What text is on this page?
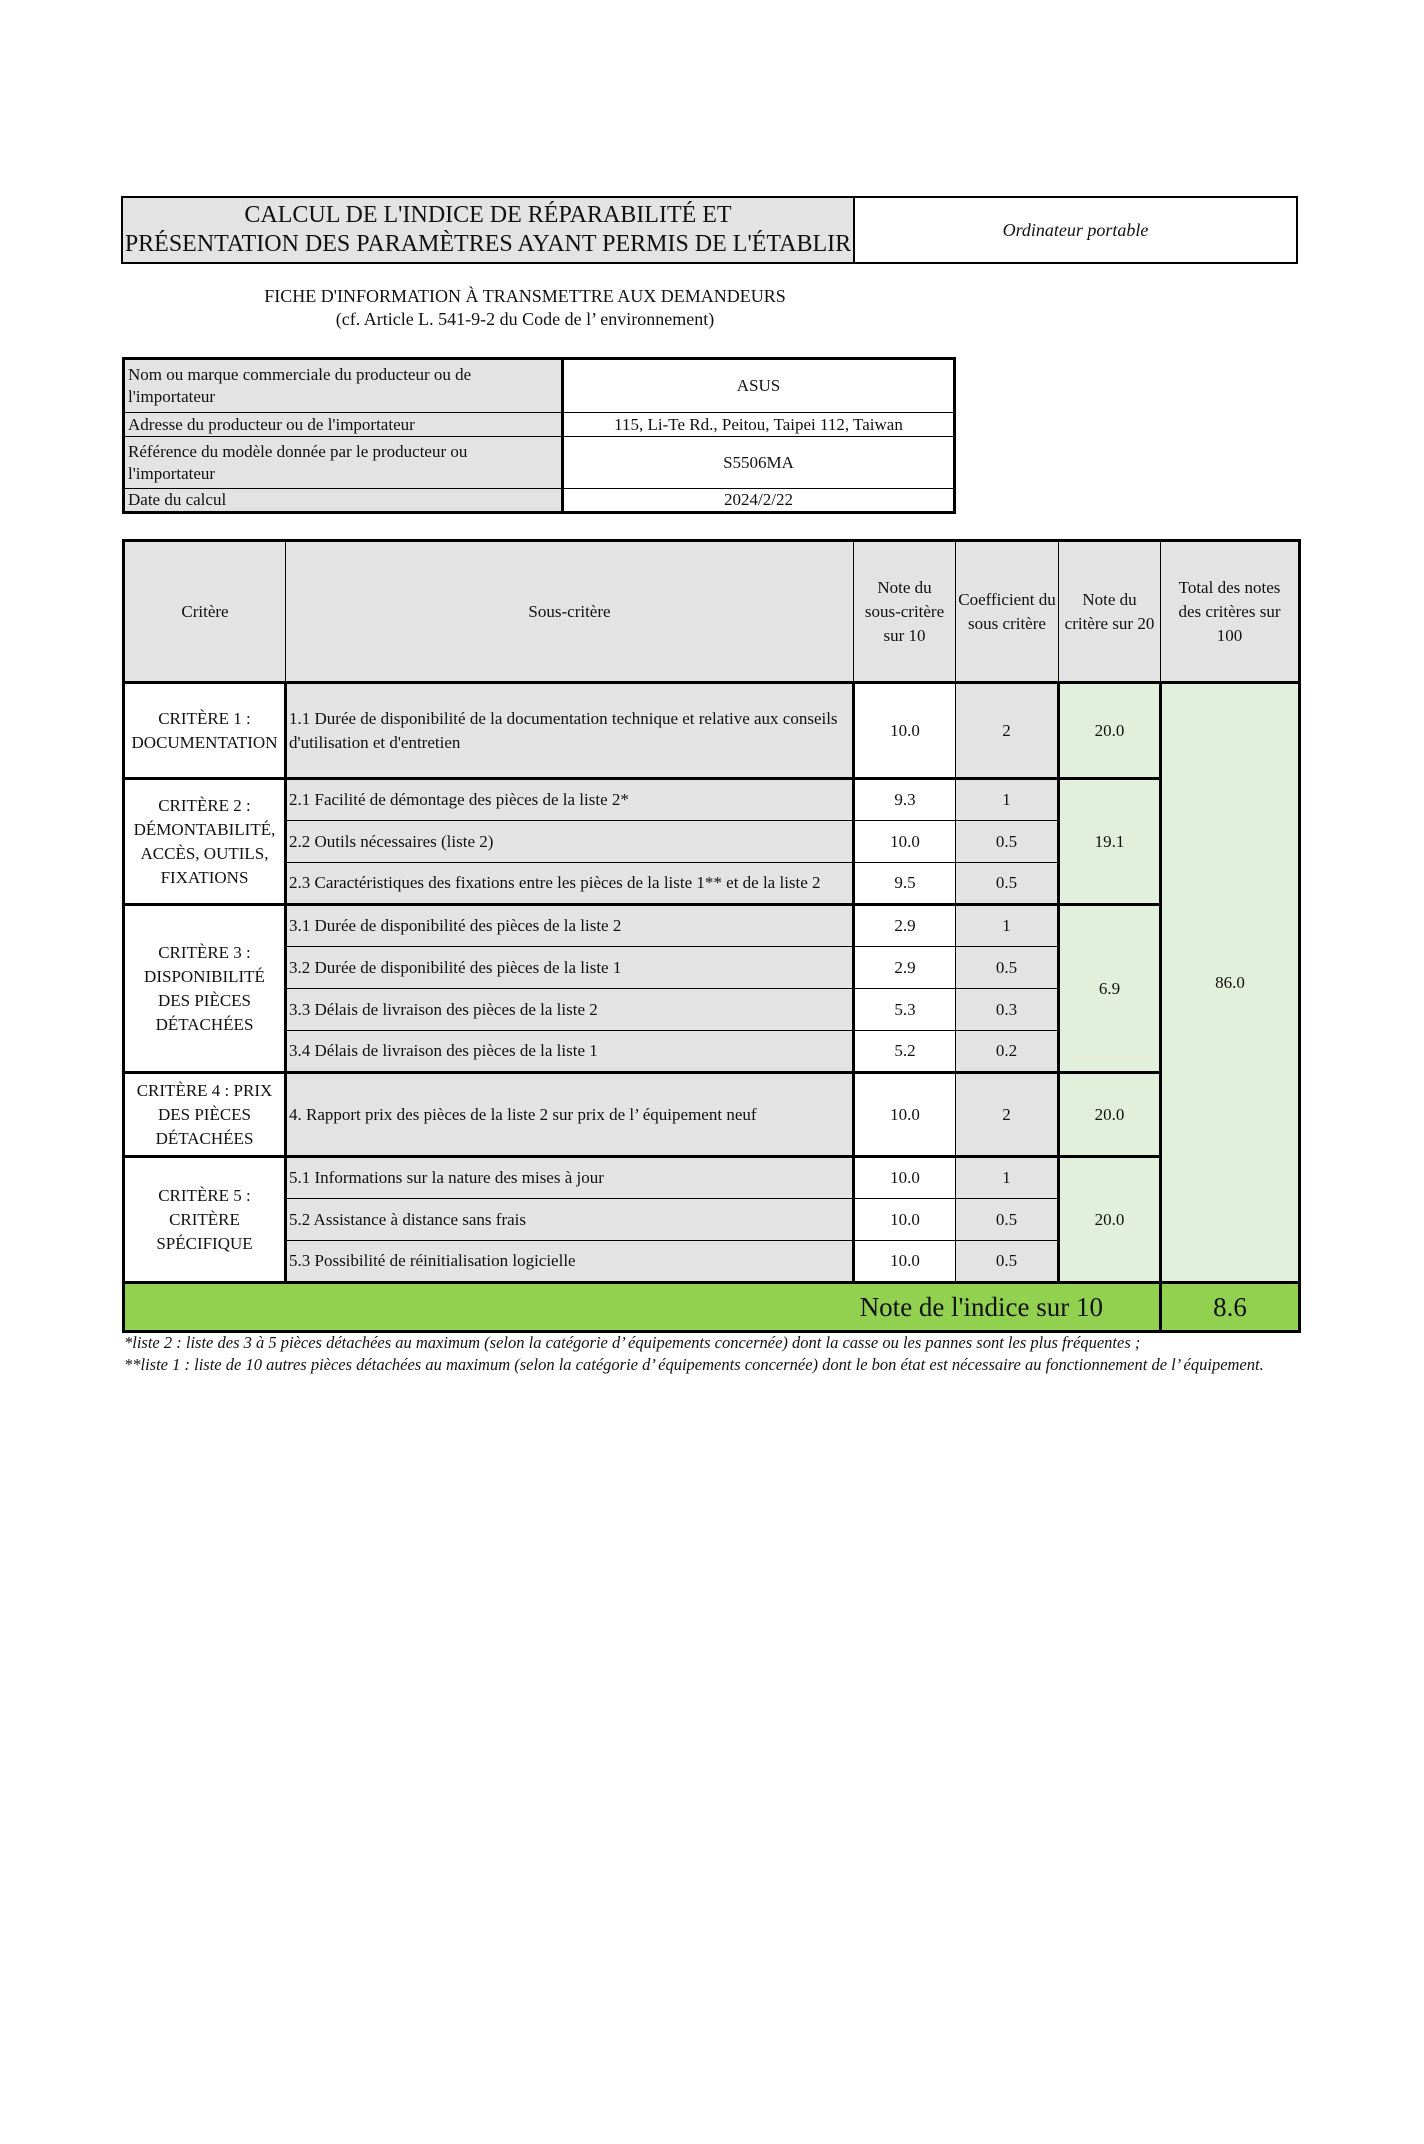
CALCUL DE L'INDICE DE RÉPARABILITÉ ET
PRÉSENTATION DES PARAMÈTRES AYANT PERMIS DE L'ÉTABLIR
Ordinateur portable
FICHE D'INFORMATION À TRANSMETTRE AUX DEMANDEURS
(cf. Article L. 541-9-2 du Code de l’ environnement)
Nom ou marque commerciale du producteur ou de l'importateur	ASUS
Adresse du producteur ou de l'importateur	115, Li-Te Rd., Peitou, Taipei 112, Taiwan
Référence du modèle donnée par le producteur ou l'importateur	S5506MA
Date du calcul	2024/2/22
Critère	Sous-critère	Note du sous-critère sur 10	Coefficient du sous critère	Note du critère sur 20	Total des notes des critères sur 100
CRITÈRE 1 : DOCUMENTATION	1.1 Durée de disponibilité de la documentation technique et relative aux conseils d'utilisation et d'entretien	10.0	2	20.0	86.0
CRITÈRE 2 : DÉMONTABILITÉ, ACCÈS, OUTILS, FIXATIONS	2.1 Facilité de démontage des pièces de la liste 2*	9.3	1	19.1	
	2.2 Outils nécessaires (liste 2)	10.0	0.5		
	2.3 Caractéristiques des fixations entre les pièces de la liste 1** et de la liste 2	9.5	0.5		
CRITÈRE 3 : DISPONIBILITÉ DES PIÈCES DÉTACHÉES	3.1 Durée de disponibilité des pièces de la liste 2	2.9	1	6.9	
	3.2 Durée de disponibilité des pièces de la liste 1	2.9	0.5		
	3.3 Délais de livraison des pièces de la liste 2	5.3	0.3		
	3.4 Délais de livraison des pièces de la liste 1	5.2	0.2		
CRITÈRE 4 : PRIX DES PIÈCES DÉTACHÉES	4. Rapport prix des pièces de la liste 2 sur prix de l’ équipement neuf	10.0	2	20.0	
CRITÈRE 5 : CRITÈRE SPÉCIFIQUE	5.1 Informations sur la nature des mises à jour	10.0	1	20.0	
	5.2 Assistance à distance sans frais	10.0	0.5		
	5.3 Possibilité de réinitialisation logicielle	10.0	0.5		
Note de l'indice sur 10					8.6
*liste 2 : liste des 3 à 5 pièces détachées au maximum (selon la catégorie d’ équipements concernée) dont la casse ou les pannes sont les plus fréquentes ;
**liste 1 : liste de 10 autres pièces détachées au maximum (selon la catégorie d’ équipements concernée) dont le bon état est nécessaire au fonctionnement de l’ équipement.
